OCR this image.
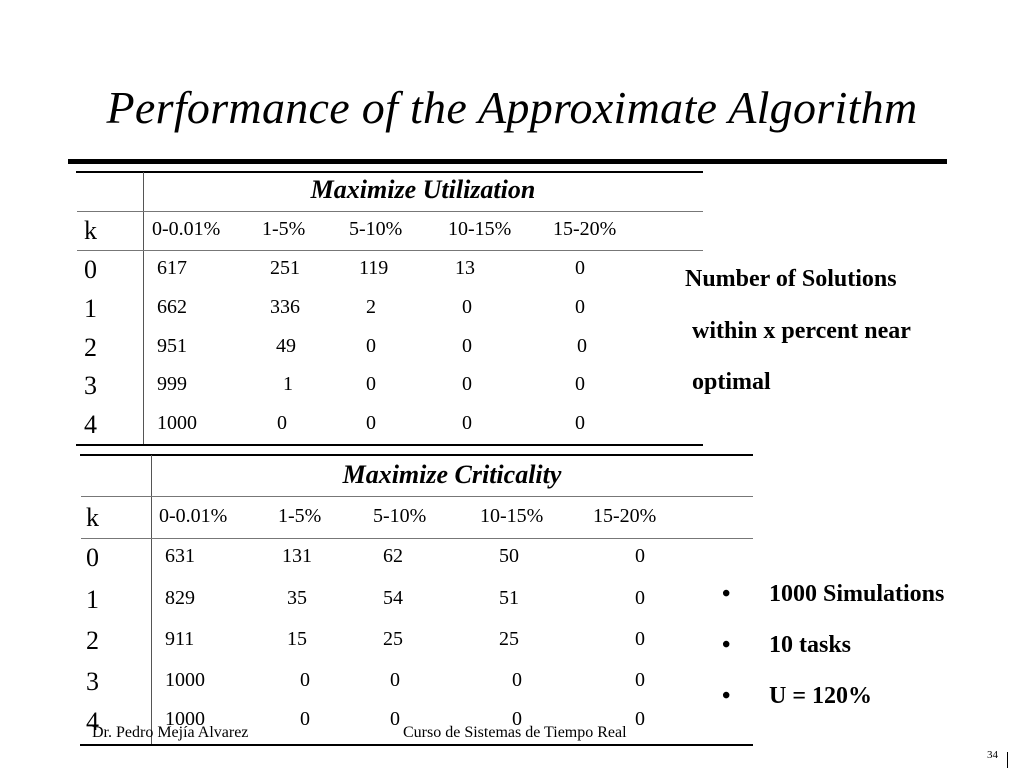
Performance of the Approximate Algorithm
Maximize Utilization
k	0-0.01% 1-5% 5-10% 10-15% 15-20%
0	617	251	119	13	0
1	662	336	2	0	0
2	951	49	0	0	0
3	999	1	0	0	0
4	1000	0	0	0	0
Maximize Criticality
k	0-0.01%	1-5%	5-10%	10-15% 15-20%
0	631	131	62	50	0
1	829	35	54	51	0
2	911	15	25	25	0
3	1000	0	0	0	0
4	1000	0	0	0	0
Number of Solutions
within x percent near
optimal
• 1000 Simulations
• 10 tasks
• U = 120%
Dr. Pedro Mejía Alvarez	Curso de Sistemas de Tiempo Real
34
